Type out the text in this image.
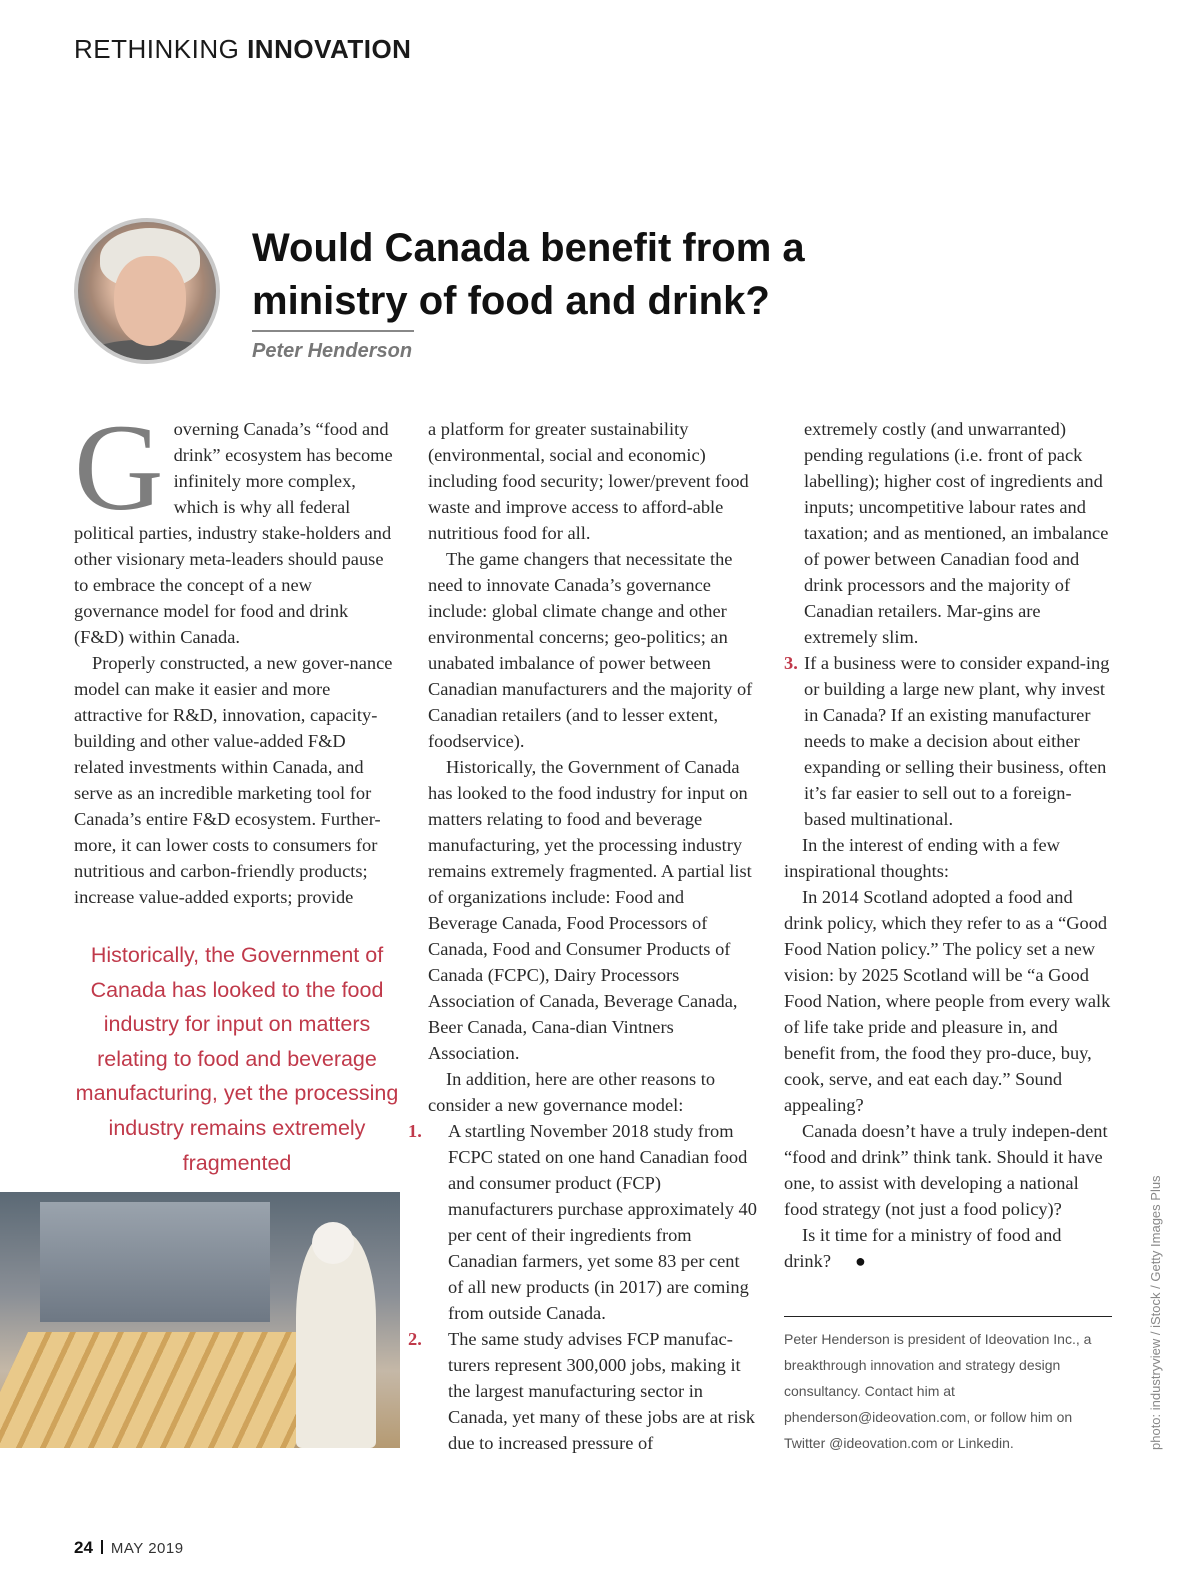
RETHINKING INNOVATION
Would Canada benefit from a ministry of food and drink?
Peter Henderson

Governing Canada’s “food and drink” ecosystem has become infinitely more complex, which is why all federal political parties, industry stake-holders and other visionary meta-leaders should pause to embrace the concept of a new governance model for food and drink (F&D) within Canada.

Properly constructed, a new gover-nance model can make it easier and more attractive for R&D, innovation, capacity-building and other value-added F&D related investments within Canada, and serve as an incredible marketing tool for Canada’s entire F&D ecosystem. Further-more, it can lower costs to consumers for nutritious and carbon-friendly products; increase value-added exports; provide

Historically, the Government of Canada has looked to the food industry for input on matters relating to food and beverage manufacturing, yet the processing industry remains extremely fragmented

a platform for greater sustainability (environmental, social and economic) including food security; lower/prevent food waste and improve access to afford-able nutritious food for all.

The game changers that necessitate the need to innovate Canada’s governance include: global climate change and other environmental concerns; geo-politics; an unabated imbalance of power between Canadian manufacturers and the majority of Canadian retailers (and to lesser extent, foodservice).

Historically, the Government of Canada has looked to the food industry for input on matters relating to food and beverage manufacturing, yet the processing industry remains extremely fragmented. A partial list of organizations include: Food and Beverage Canada, Food Processors of Canada, Food and Consumer Products of Canada (FCPC), Dairy Processors Association of Canada, Beverage Canada, Beer Canada, Cana-dian Vintners Association.

In addition, here are other reasons to consider a new governance model:

1. A startling November 2018 study from FCPC stated on one hand Canadian food and consumer product (FCP) manufacturers purchase approximately 40 per cent of their ingredients from Canadian farmers, yet some 83 per cent of all new products (in 2017) are coming from outside Canada.

2. The same study advises FCP manufac-turers represent 300,000 jobs, making it the largest manufacturing sector in Canada, yet many of these jobs are at risk due to increased pressure of

extremely costly (and unwarranted) pending regulations (i.e. front of pack labelling); higher cost of ingredients and inputs; uncompetitive labour rates and taxation; and as mentioned, an imbalance of power between Canadian food and drink processors and the majority of Canadian retailers. Mar-gins are extremely slim.

3. If a business were to consider expand-ing or building a large new plant, why invest in Canada? If an existing manufacturer needs to make a decision about either expanding or selling their business, often it’s far easier to sell out to a foreign-based multinational.

In the interest of ending with a few inspirational thoughts:

In 2014 Scotland adopted a food and drink policy, which they refer to as a “Good Food Nation policy.” The policy set a new vision: by 2025 Scotland will be “a Good Food Nation, where people from every walk of life take pride and pleasure in, and benefit from, the food they pro-duce, buy, cook, serve, and eat each day.” Sound appealing?

Canada doesn’t have a truly indepen-dent “food and drink” think tank. Should it have one, to assist with developing a national food strategy (not just a food policy)?

Is it time for a ministry of food and drink? ●

Peter Henderson is president of Ideovation Inc., a breakthrough innovation and strategy design consultancy. Contact him at phenderson@ideovation.com, or follow him on Twitter @ideovation.com or Linkedin.	photo: industryview / iStock / Getty Images Plus
24 MAY 2019
